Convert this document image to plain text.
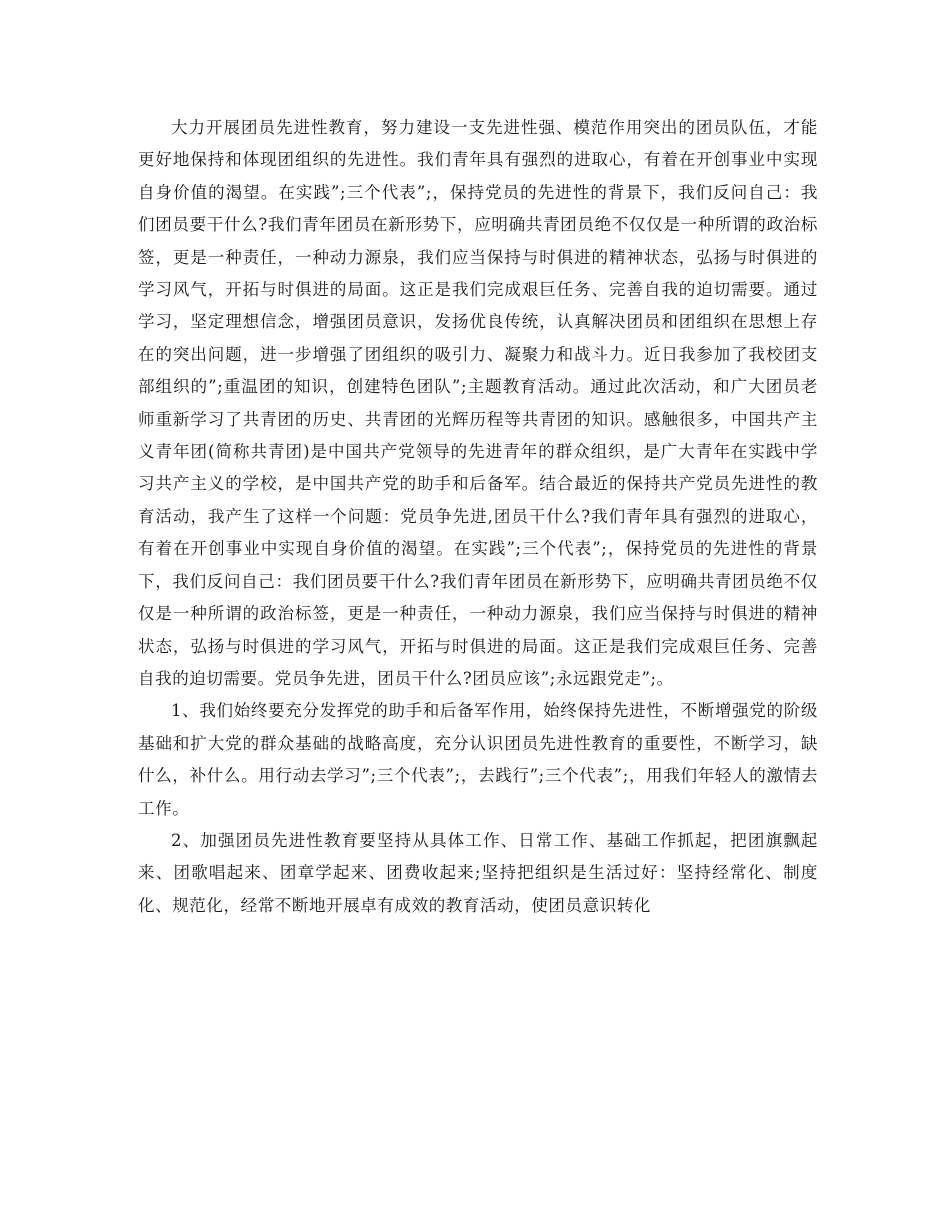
大力开展团员先进性教育，努力建设一支先进性强、模范作用突出的团员队伍，才能更好地保持和体现团组织的先进性。我们青年具有强烈的进取心，有着在开创事业中实现自身价值的渴望。在实践”;三个代表”;，保持党员的先进性的背景下，我们反问自己：我们团员要干什么?我们青年团员在新形势下，应明确共青团员绝不仅仅是一种所谓的政治标签，更是一种责任，一种动力源泉，我们应当保持与时俱进的精神状态，弘扬与时俱进的学习风气，开拓与时俱进的局面。这正是我们完成艰巨任务、完善自我的迫切需要。通过学习，坚定理想信念，增强团员意识，发扬优良传统，认真解决团员和团组织在思想上存在的突出问题，进一步增强了团组织的吸引力、凝聚力和战斗力。近日我参加了我校团支部组织的”;重温团的知识，创建特色团队”;主题教育活动。通过此次活动，和广大团员老师重新学习了共青团的历史、共青团的光辉历程等共青团的知识。感触很多，中国共产主义青年团(简称共青团)是中国共产党领导的先进青年的群众组织，是广大青年在实践中学习共产主义的学校，是中国共产党的助手和后备军。结合最近的保持共产党员先进性的教育活动，我产生了这样一个问题：党员争先进,团员干什么?我们青年具有强烈的进取心，有着在开创事业中实现自身价值的渴望。在实践”;三个代表”;，保持党员的先进性的背景下，我们反问自己：我们团员要干什么?我们青年团员在新形势下，应明确共青团员绝不仅仅是一种所谓的政治标签，更是一种责任，一种动力源泉，我们应当保持与时俱进的精神状态，弘扬与时俱进的学习风气，开拓与时俱进的局面。这正是我们完成艰巨任务、完善自我的迫切需要。党员争先进，团员干什么?团员应该”;永远跟党走”;。

1、我们始终要充分发挥党的助手和后备军作用，始终保持先进性，不断增强党的阶级基础和扩大党的群众基础的战略高度，充分认识团员先进性教育的重要性，不断学习，缺什么，补什么。用行动去学习”;三个代表”;，去践行”;三个代表”;，用我们年轻人的激情去工作。

2、加强团员先进性教育要坚持从具体工作、日常工作、基础工作抓起，把团旗飘起来、团歌唱起来、团章学起来、团费收起来;坚持把组织是生活过好：坚持经常化、制度化、规范化，经常不断地开展卓有成效的教育活动，使团员意识转化
